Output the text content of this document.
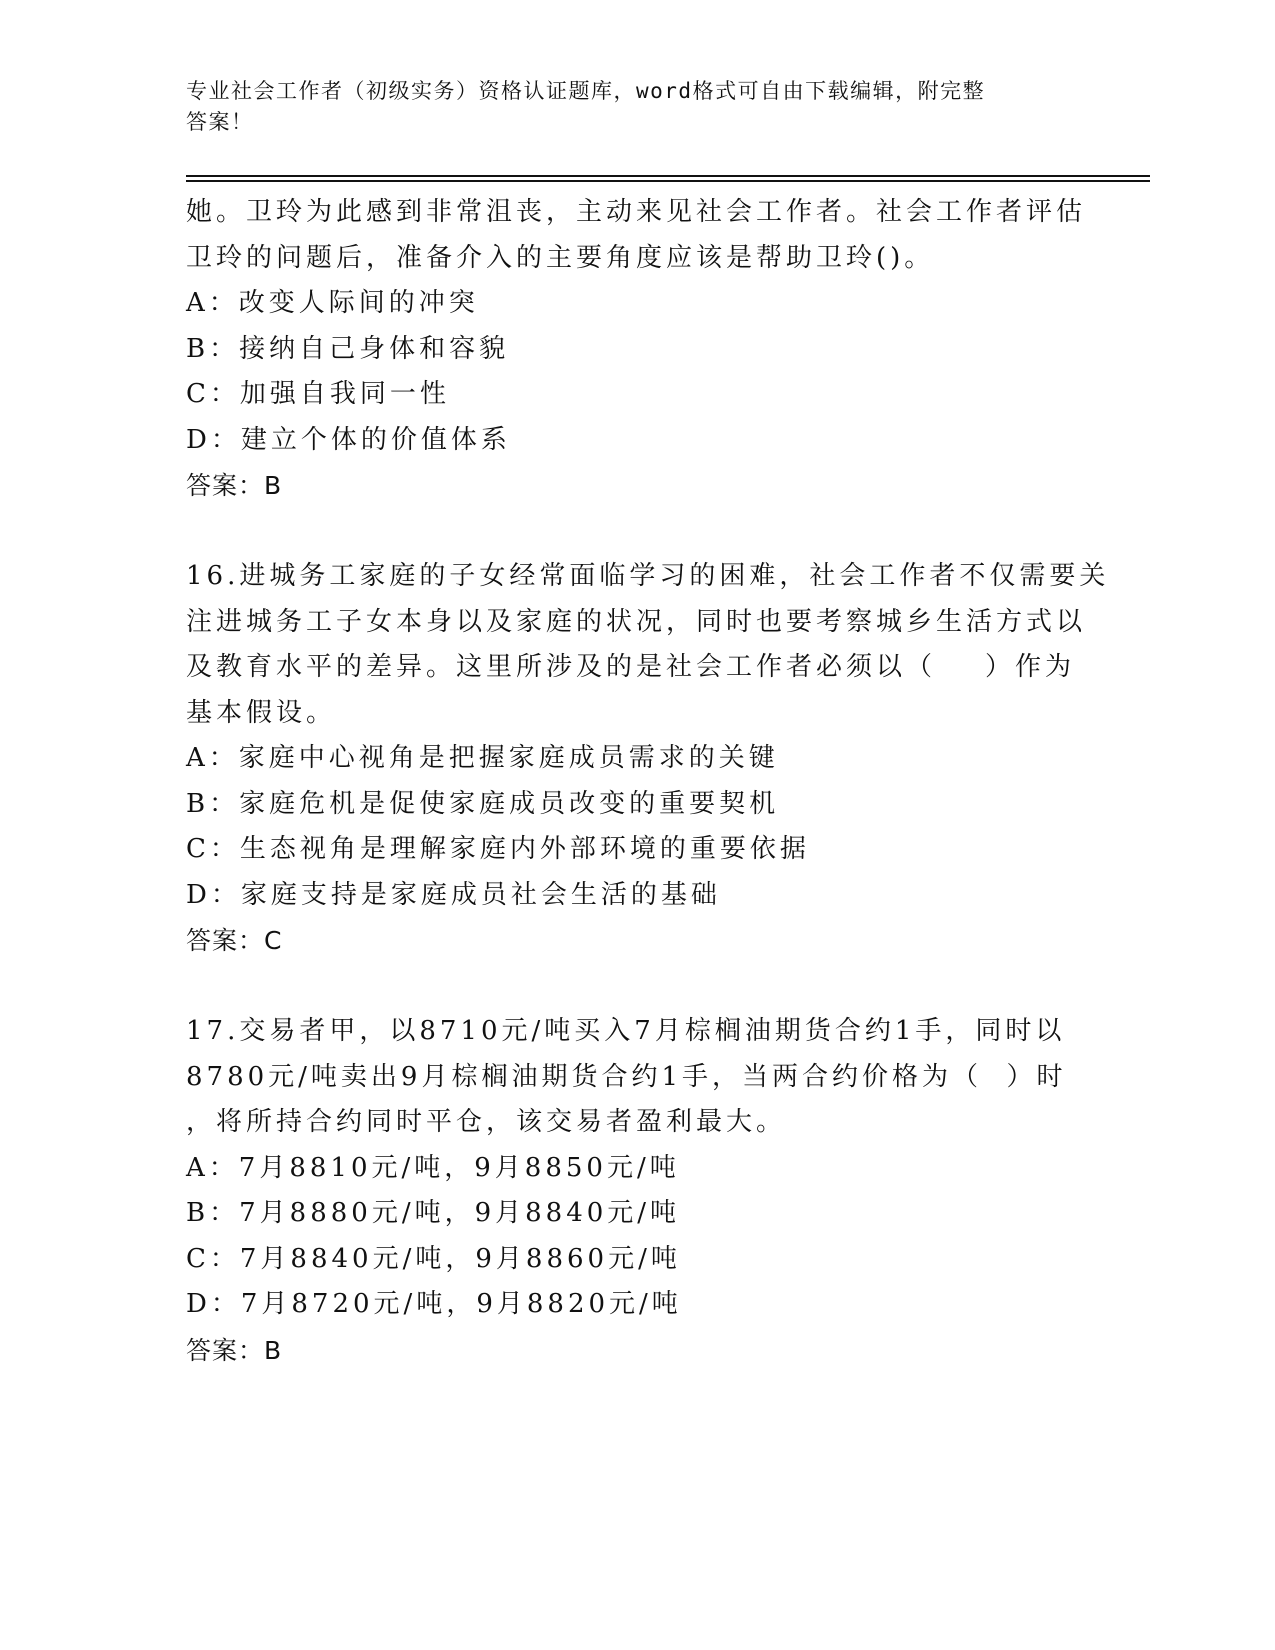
专业社会工作者（初级实务）资格认证题库，word格式可自由下载编辑，附完整
答案！
她。卫玲为此感到非常沮丧，主动来见社会工作者。社会工作者评估
卫玲的问题后，准备介入的主要角度应该是帮助卫玲()。
A：改变人际间的冲突
B：接纳自己身体和容貌
C：加强自我同一性
D：建立个体的价值体系
答案：B
16.进城务工家庭的子女经常面临学习的困难，社会工作者不仅需要关
注进城务工子女本身以及家庭的状况，同时也要考察城乡生活方式以
及教育水平的差异。这里所涉及的是社会工作者必须以（    ）作为
基本假设。
A：家庭中心视角是把握家庭成员需求的关键
B：家庭危机是促使家庭成员改变的重要契机
C：生态视角是理解家庭内外部环境的重要依据
D：家庭支持是家庭成员社会生活的基础
答案：C
17.交易者甲，以8710元/吨买入7月棕榈油期货合约1手，同时以
8780元/吨卖出9月棕榈油期货合约1手，当两合约价格为（  ）时
，将所持合约同时平仓，该交易者盈利最大。
A：7月8810元/吨，9月8850元/吨
B：7月8880元/吨，9月8840元/吨
C：7月8840元/吨，9月8860元/吨
D：7月8720元/吨，9月8820元/吨
答案：B
